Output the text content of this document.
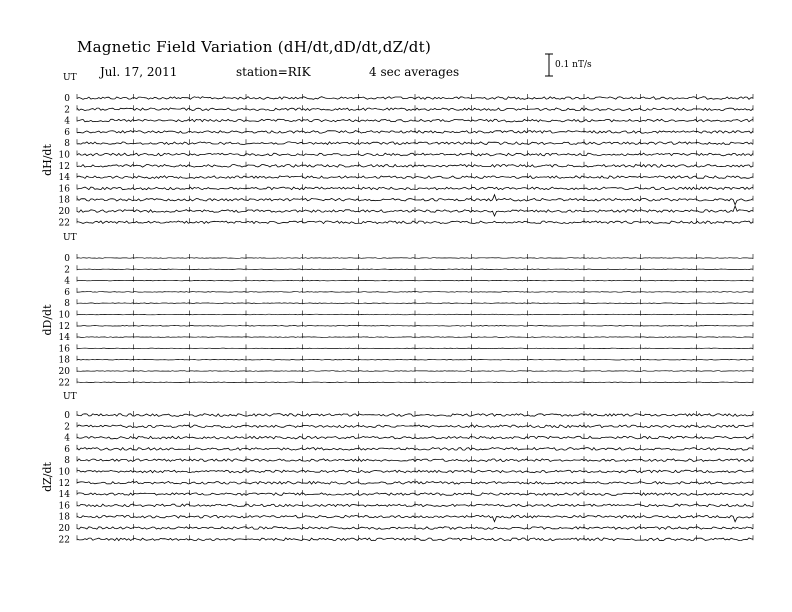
Magnetic Field Variation (dH/dt,dD/dt,dZ/dt)
Jul. 17, 2011	station=RIK	4 sec averages	0.1 nT/s
UT
dH/dt
0
2
4
6
8
10
12
14
16
18
20
22
UT
dD/dt
0
2
4
6
8
10
12
14
16
18
20
22
UT
dZ/dt
0
2
4
6
8
10
12
14
16
18
20
22
